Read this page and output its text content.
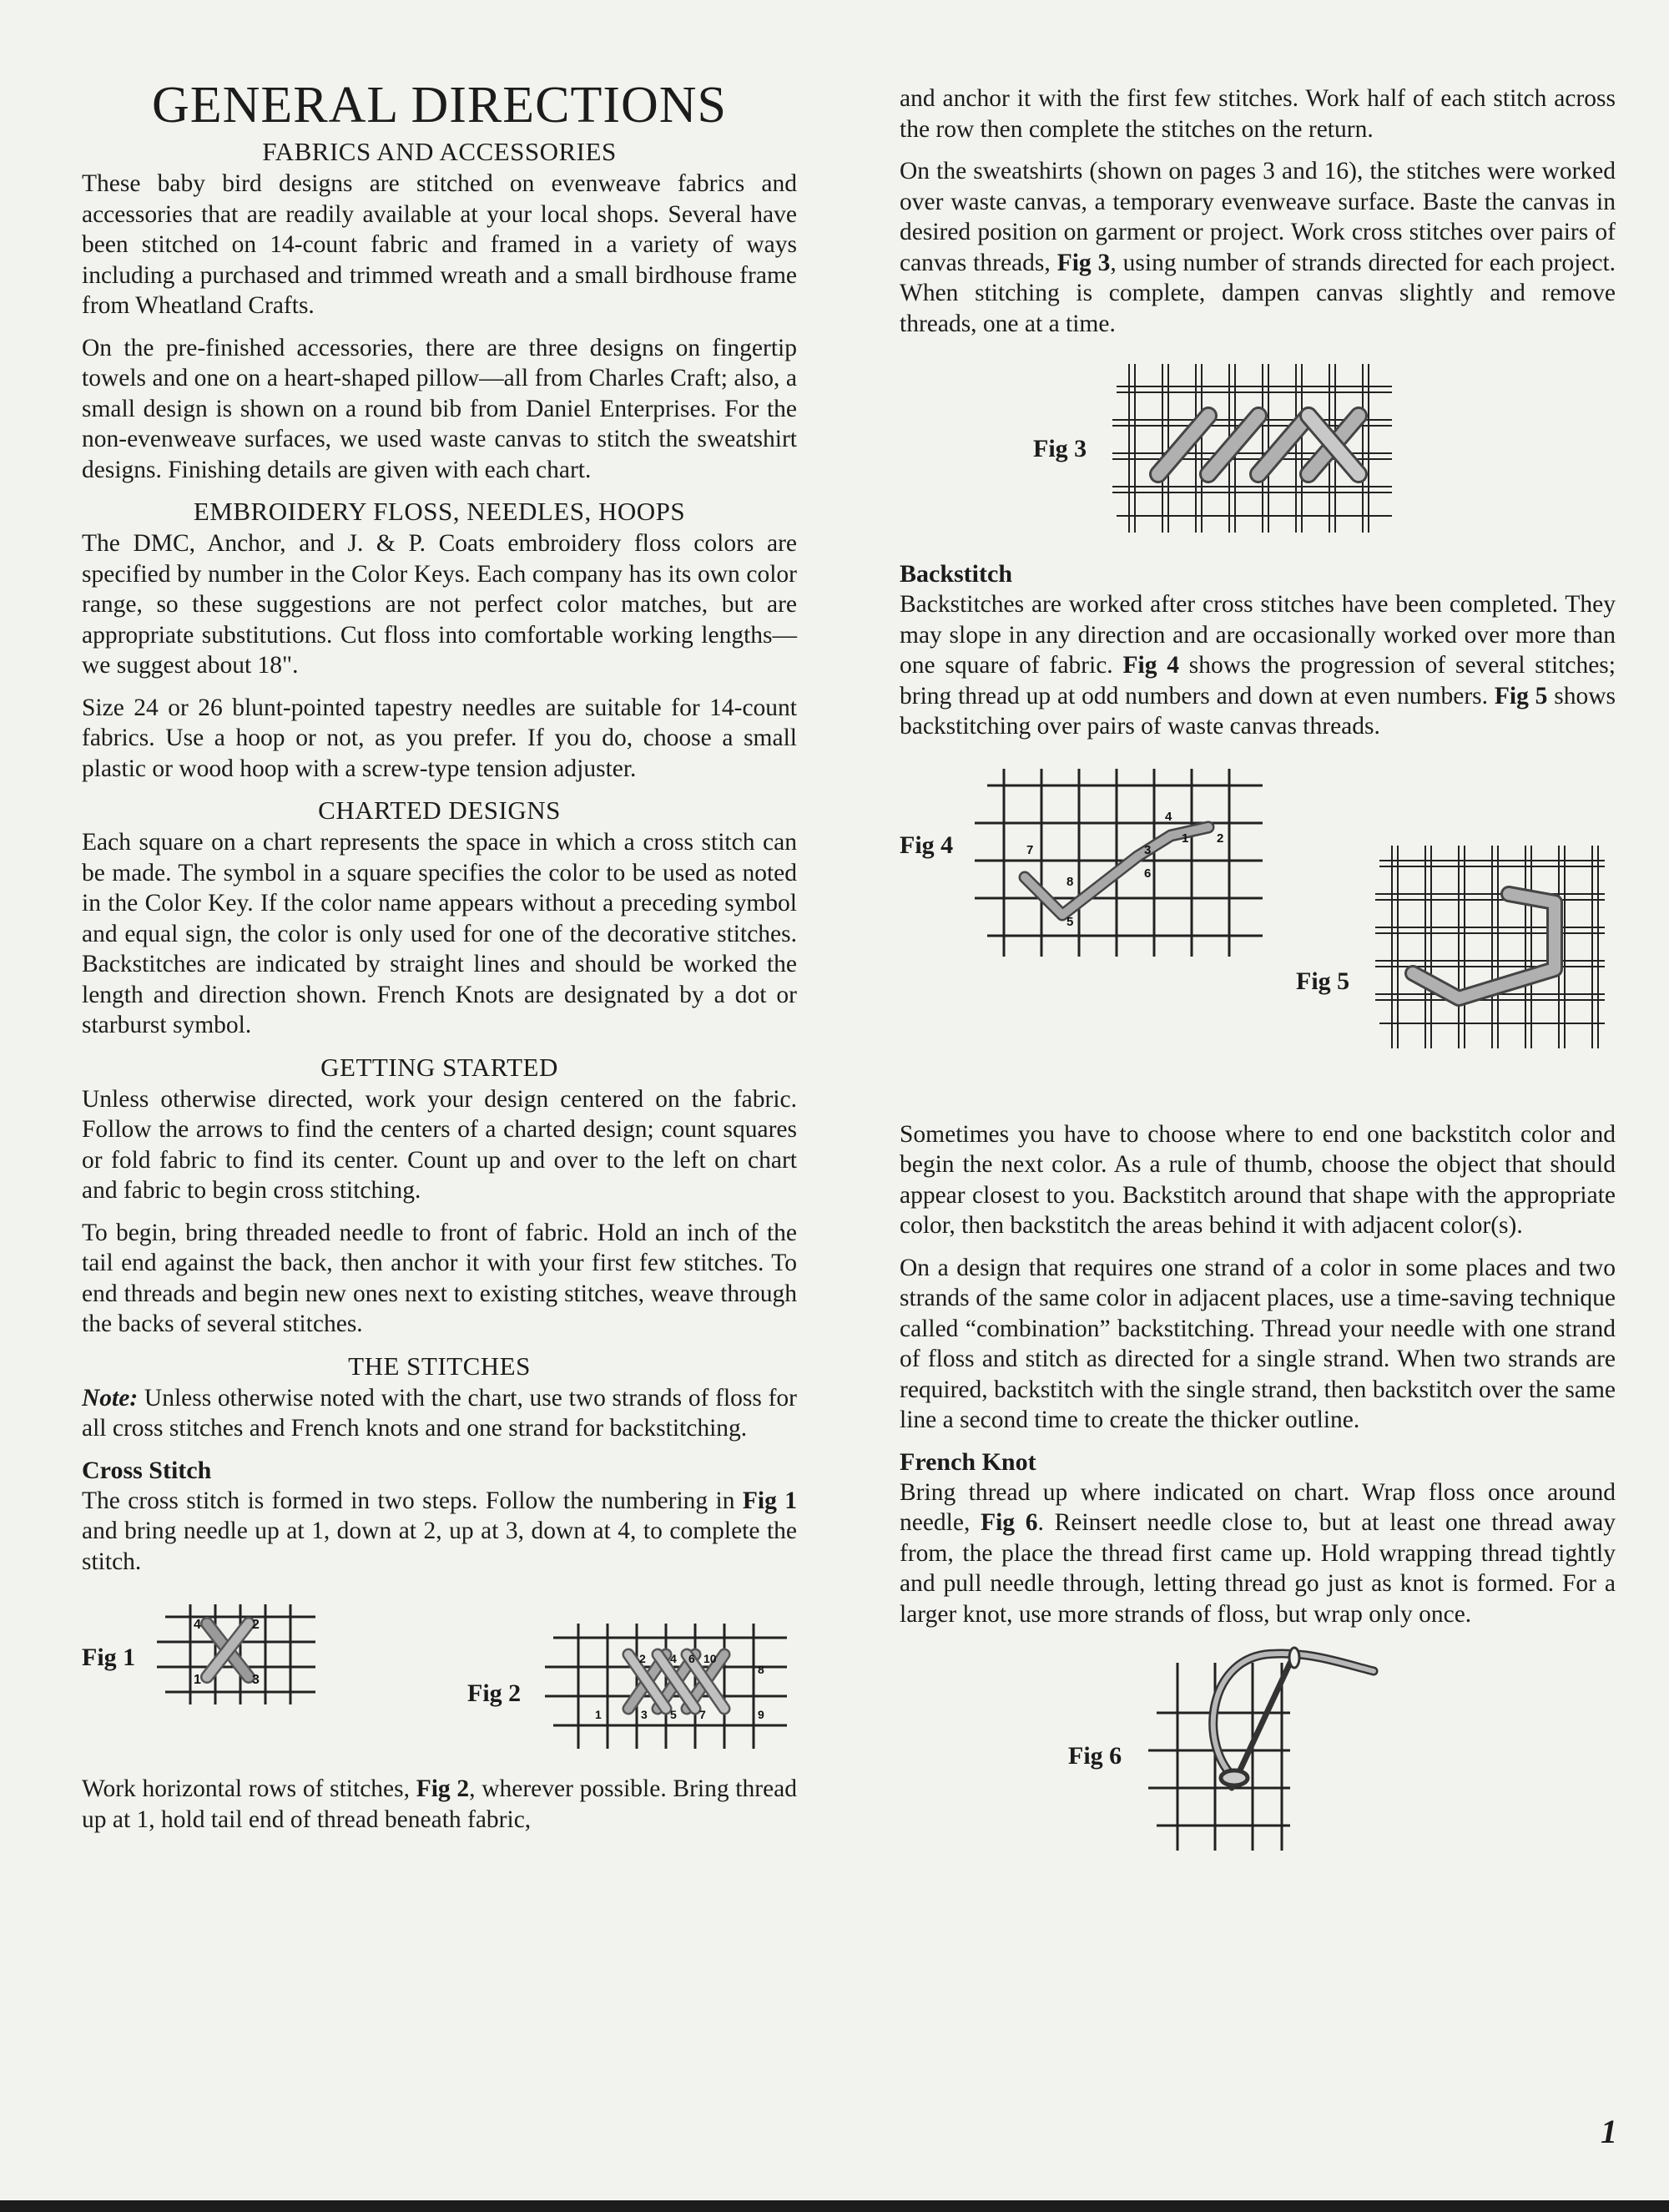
GENERAL DIRECTIONS
FABRICS AND ACCESSORIES

These baby bird designs are stitched on evenweave fabrics and accessories that are readily available at your local shops. Several have been stitched on 14-count fabric and framed in a variety of ways including a purchased and trimmed wreath and a small birdhouse frame from Wheatland Crafts.

On the pre-finished accessories, there are three designs on fingertip towels and one on a heart-shaped pillow—all from Charles Craft; also, a small design is shown on a round bib from Daniel Enterprises. For the non-evenweave surfaces, we used waste canvas to stitch the sweatshirt designs. Finishing details are given with each chart.

EMBROIDERY FLOSS, NEEDLES, HOOPS

The DMC, Anchor, and J. & P. Coats embroidery floss colors are specified by number in the Color Keys. Each company has its own color range, so these suggestions are not perfect color matches, but are appropriate substitutions. Cut floss into comfortable working lengths—we suggest about 18".

Size 24 or 26 blunt-pointed tapestry needles are suitable for 14-count fabrics. Use a hoop or not, as you prefer. If you do, choose a small plastic or wood hoop with a screw-type tension adjuster.

CHARTED DESIGNS

Each square on a chart represents the space in which a cross stitch can be made. The symbol in a square specifies the color to be used as noted in the Color Key. If the color name appears without a preceding symbol and equal sign, the color is only used for one of the decorative stitches. Backstitches are indicated by straight lines and should be worked the length and direction shown. French Knots are designated by a dot or starburst symbol.

GETTING STARTED

Unless otherwise directed, work your design centered on the fabric. Follow the arrows to find the centers of a charted design; count squares or fold fabric to find its center. Count up and over to the left on chart and fabric to begin cross stitching.

To begin, bring threaded needle to front of fabric. Hold an inch of the tail end against the back, then anchor it with your first few stitches. To end threads and begin new ones next to existing stitches, weave through the backs of several stitches.

THE STITCHES

Note: Unless otherwise noted with the chart, use two strands of floss for all cross stitches and French knots and one strand for backstitching.

Cross Stitch

The cross stitch is formed in two steps. Follow the numbering in Fig 1 and bring needle up at 1, down at 2, up at 3, down at 4, to complete the stitch.

Fig 1
4	2
1	3	Fig 2
2 4 6 10
8
1	3 5 7	9

Work horizontal rows of stitches, Fig 2, wherever possible. Bring thread up at 1, hold tail end of thread beneath fabric,

and anchor it with the first few stitches. Work half of each stitch across the row then complete the stitches on the return.

On the sweatshirts (shown on pages 3 and 16), the stitches were worked over waste canvas, a temporary evenweave surface. Baste the canvas in desired position on garment or project. Work cross stitches over pairs of canvas threads, Fig 3, using number of strands directed for each project. When stitching is complete, dampen canvas slightly and remove threads, one at a time.

Fig 3
Backstitch

Backstitches are worked after cross stitches have been completed. They may slope in any direction and are occasionally worked over more than one square of fabric. Fig 4 shows the progression of several stitches; bring thread up at odd numbers and down at even numbers. Fig 5 shows backstitching over pairs of waste canvas threads.

Fig 4
4
1 2
3
6
7
8
5
Fig 5

Sometimes you have to choose where to end one backstitch color and begin the next color. As a rule of thumb, choose the object that should appear closest to you. Backstitch around that shape with the appropriate color, then backstitch the areas behind it with adjacent color(s).

On a design that requires one strand of a color in some places and two strands of the same color in adjacent places, use a time-saving technique called “combination” backstitching. Thread your needle with one strand of floss and stitch as directed for a single strand. When two strands are required, backstitch with the single strand, then backstitch over the same line a second time to create the thicker outline.

French Knot

Bring thread up where indicated on chart. Wrap floss once around needle, Fig 6. Reinsert needle close to, but at least one thread away from, the place the thread first came up. Hold wrapping thread tightly and pull needle through, letting thread go just as knot is formed. For a larger knot, use more strands of floss, but wrap only once.

Fig 6
1
